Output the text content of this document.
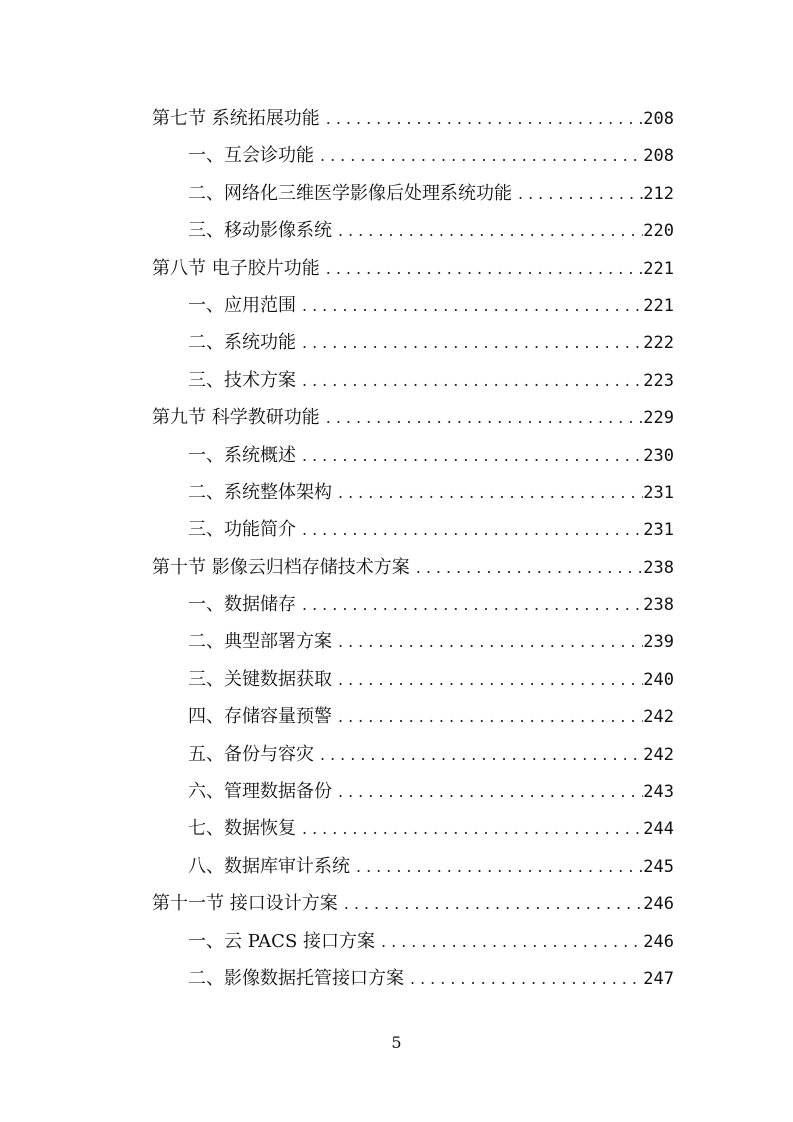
第七节 系统拓展功能 .....	208
一、互会诊功能 .....	208
二、网络化三维医学影像后处理系统功能 .....	212
三、移动影像系统 .....	220
第八节 电子胶片功能 .....	221
一、应用范围 .....	221
二、系统功能 .....	222
三、技术方案 .....	223
第九节 科学教研功能 .....	229
一、系统概述 .....	230
二、系统整体架构 .....	231
三、功能简介 .....	231
第十节 影像云归档存储技术方案 .....	238
一、数据储存 .....	238
二、典型部署方案 .....	239
三、关键数据获取 .....	240
四、存储容量预警 .....	242
五、备份与容灾 .....	242
六、管理数据备份 .....	243
七、数据恢复 .....	244
八、数据库审计系统 .....	245
第十一节 接口设计方案 .....	246
一、云 PACS 接口方案 .....	246
二、影像数据托管接口方案 .....	247
5
